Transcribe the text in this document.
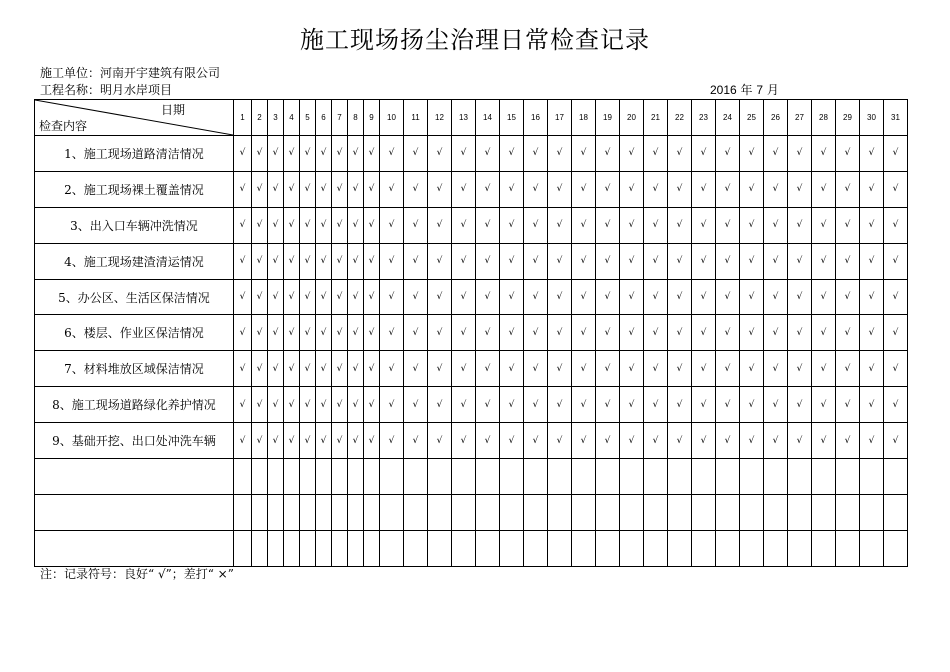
施工现场扬尘治理日常检查记录
施工单位：河南开宇建筑有限公司
工程名称：明月水岸项目	2016 年 7 月
日期
检查内容	1	2	3	4	5	6	7	8	9	10	11	12	13	14	15	16	17	18	19	20	21	22	23	24	25	26	27	28	29	30	31
1、施工现场道路清洁情况	√	√	√	√	√	√	√	√	√	√	√	√	√	√	√	√	√	√	√	√	√	√	√	√	√	√	√	√	√	√	√
2、施工现场裸土覆盖情况	√	√	√	√	√	√	√	√	√	√	√	√	√	√	√	√	√	√	√	√	√	√	√	√	√	√	√	√	√	√	√
3、出入口车辆冲洗情况	√	√	√	√	√	√	√	√	√	√	√	√	√	√	√	√	√	√	√	√	√	√	√	√	√	√	√	√	√	√	√
4、施工现场建渣清运情况	√	√	√	√	√	√	√	√	√	√	√	√	√	√	√	√	√	√	√	√	√	√	√	√	√	√	√	√	√	√	√
5、办公区、生活区保洁情况	√	√	√	√	√	√	√	√	√	√	√	√	√	√	√	√	√	√	√	√	√	√	√	√	√	√	√	√	√	√	√
6、楼层、作业区保洁情况	√	√	√	√	√	√	√	√	√	√	√	√	√	√	√	√	√	√	√	√	√	√	√	√	√	√	√	√	√	√	√
7、材料堆放区域保洁情况	√	√	√	√	√	√	√	√	√	√	√	√	√	√	√	√	√	√	√	√	√	√	√	√	√	√	√	√	√	√	√
8、施工现场道路绿化养护情况	√	√	√	√	√	√	√	√	√	√	√	√	√	√	√	√	√	√	√	√	√	√	√	√	√	√	√	√	√	√	√
9、基础开挖、出口处冲洗车辆	√	√	√	√	√	√	√	√	√	√	√	√	√	√	√	√	√	√	√	√	√	√	√	√	√	√	√	√	√	√	√

注：记录符号：良好“ √”；差打“ ×”
